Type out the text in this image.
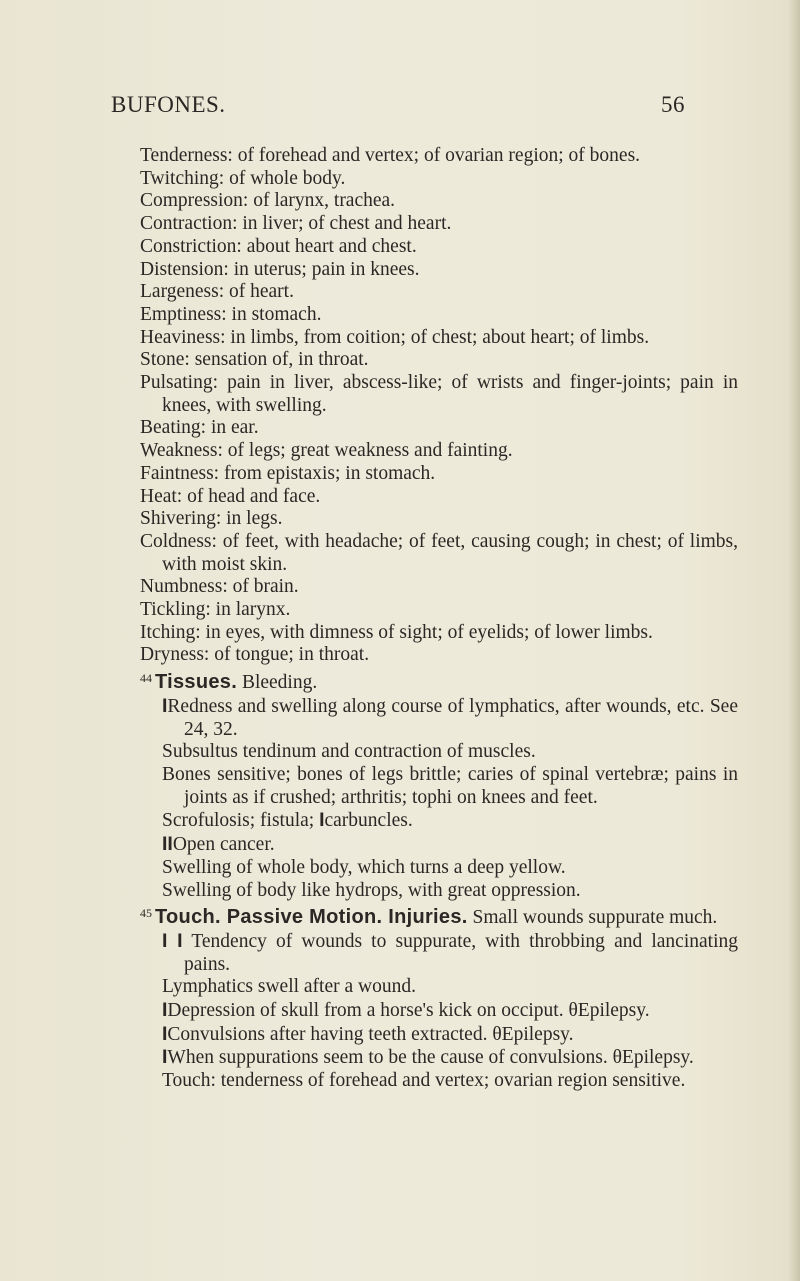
BUFONES.	56
Tenderness: of forehead and vertex; of ovarian region; of bones.
Twitching: of whole body.
Compression: of larynx, trachea.
Contraction: in liver; of chest and heart.
Constriction: about heart and chest.
Distension: in uterus; pain in knees.
Largeness: of heart.
Emptiness: in stomach.
Heaviness: in limbs, from coition; of chest; about heart; of limbs.
Stone: sensation of, in throat.
Pulsating: pain in liver, abscess-like; of wrists and finger-joints; pain in knees, with swelling.
Beating: in ear.
Weakness: of legs; great weakness and fainting.
Faintness: from epistaxis; in stomach.
Heat: of head and face.
Shivering: in legs.
Coldness: of feet, with headache; of feet, causing cough; in chest; of limbs, with moist skin.
Numbness: of brain.
Tickling: in larynx.
Itching: in eyes, with dimness of sight; of eyelids; of lower limbs.
Dryness: of tongue; in throat.
$^{44}$ Tissues. Bleeding.
IRedness and swelling along course of lymphatics, after wounds, etc. See 24, 32.
Subsultus tendinum and contraction of muscles.
Bones sensitive; bones of legs brittle; caries of spinal vertebræ; pains in joints as if crushed; arthritis; tophi on knees and feet.
Scrofulosis; fistula; Icarbuncles.
IIOpen cancer.
Swelling of whole body, which turns a deep yellow.
Swelling of body like hydrops, with great oppression.
$^{45}$ Touch. Passive Motion. Injuries. Small wounds suppurate much.
I I Tendency of wounds to suppurate, with throbbing and lancinating pains.
Lymphatics swell after a wound.
IDepression of skull from a horse's kick on occiput. θEpilepsy.
IConvulsions after having teeth extracted. θEpilepsy.
IWhen suppurations seem to be the cause of convulsions. θEpilepsy.
Touch: tenderness of forehead and vertex; ovarian region sensitive.
